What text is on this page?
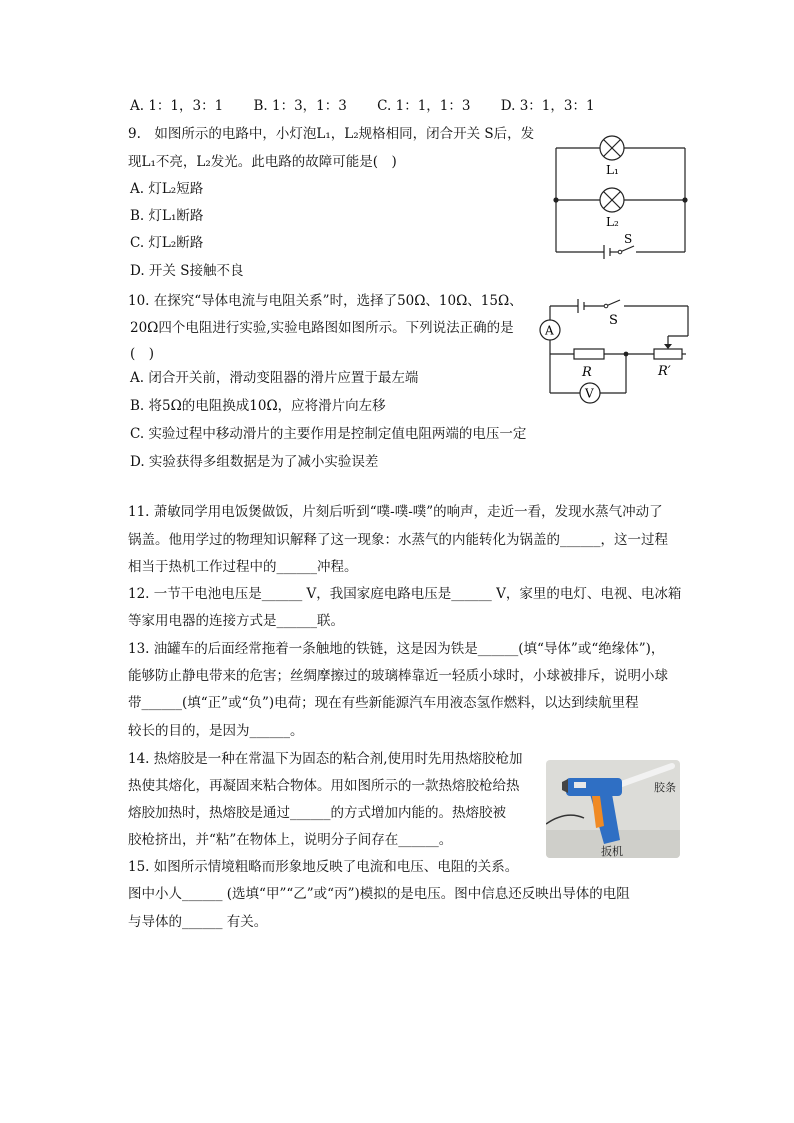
A. 1：1，3：1 B. 1：3，1：3 C. 1：1，1：3 D. 3：1，3：1
9.　如图所示的电路中，小灯泡L₁，L₂规格相同，闭合开关 S后，发
现L₁不亮，L₂发光。此电路的故障可能是(　)
A. 灯L₂短路
B. 灯L₁断路
C. 灯L₂断路
D. 开关 S接触不良
L₁
L₂
S
10. 在探究“导体电流与电阻关系”时，选择了50Ω、10Ω、15Ω、
20Ω四个电阻进行实验,实验电路图如图所示。下列说法正确的是
(　)
A. 闭合开关前，滑动变阻器的滑片应置于最左端
B. 将5Ω的电阻换成10Ω，应将滑片向左移
C. 实验过程中移动滑片的主要作用是控制定值电阻两端的电压一定
D. 实验获得多组数据是为了减小实验误差
A
S
R	R′
V
11. 萧敏同学用电饭煲做饭，片刻后听到“噗-噗-噗”的响声，走近一看，发现水蒸气冲动了
锅盖。他用学过的物理知识解释了这一现象：水蒸气的内能转化为锅盖的______，这一过程
相当于热机工作过程中的______冲程。
12. 一节干电池电压是______ V，我国家庭电路电压是______ V，家里的电灯、电视、电冰箱
等家用电器的连接方式是______联。
13. 油罐车的后面经常拖着一条触地的铁链，这是因为铁是______(填“导体”或“绝缘体”)，
能够防止静电带来的危害；丝绸摩擦过的玻璃棒靠近一轻质小球时，小球被排斥，说明小球
带______(填“正”或“负”)电荷；现在有些新能源汽车用液态氢作燃料，以达到续航里程
较长的目的，是因为______。
14. 热熔胶是一种在常温下为固态的粘合剂,使用时先用热熔胶枪加
热使其熔化，再凝固来粘合物体。用如图所示的一款热熔胶枪给热
熔胶加热时，热熔胶是通过______的方式增加内能的。热熔胶被
胶枪挤出，并“粘”在物体上，说明分子间存在______。
胶条
扳机
15. 如图所示情境粗略而形象地反映了电流和电压、电阻的关系。
图中小人______ (选填“甲”“乙”或“丙”)模拟的是电压。图中信息还反映出导体的电阻
与导体的______ 有关。
